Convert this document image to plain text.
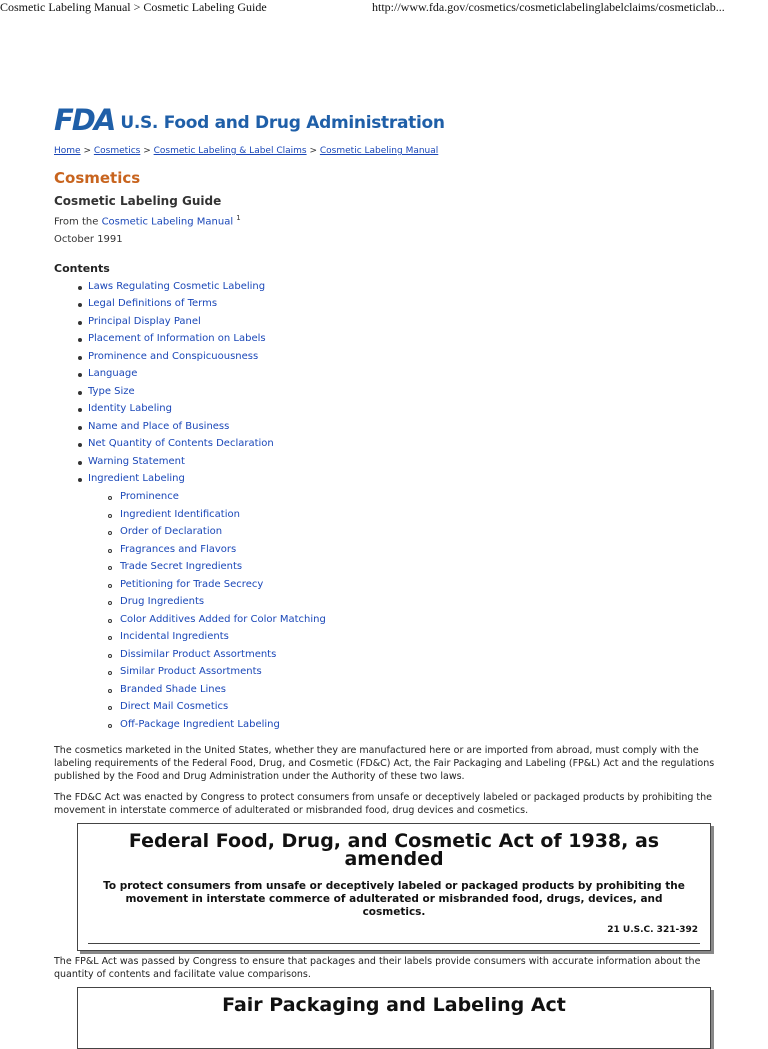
Cosmetic Labeling Manual > Cosmetic Labeling Guide	http://www.fda.gov/cosmetics/cosmeticlabelinglabelclaims/cosmeticlab...
FDA U.S. Food and Drug Administration
Home > Cosmetics > Cosmetic Labeling & Label Claims > Cosmetic Labeling Manual
Cosmetics
Cosmetic Labeling Guide
From the Cosmetic Labeling Manual $^1$
October 1991
Contents
Laws Regulating Cosmetic Labeling
Legal Definitions of Terms
Principal Display Panel
Placement of Information on Labels
Prominence and Conspicuousness
Language
Type Size
Identity Labeling
Name and Place of Business
Net Quantity of Contents Declaration
Warning Statement
Ingredient Labeling
Prominence
Ingredient Identification
Order of Declaration
Fragrances and Flavors
Trade Secret Ingredients
Petitioning for Trade Secrecy
Drug Ingredients
Color Additives Added for Color Matching
Incidental Ingredients
Dissimilar Product Assortments
Similar Product Assortments
Branded Shade Lines
Direct Mail Cosmetics
Off-Package Ingredient Labeling
The cosmetics marketed in the United States, whether they are manufactured here or are imported from abroad, must comply with the labeling requirements of the Federal Food, Drug, and Cosmetic (FD&C) Act, the Fair Packaging and Labeling (FP&L) Act and the regulations published by the Food and Drug Administration under the Authority of these two laws.
The FD&C Act was enacted by Congress to protect consumers from unsafe or deceptively labeled or packaged products by prohibiting the movement in interstate commerce of adulterated or misbranded food, drug devices and cosmetics.
Federal Food, Drug, and Cosmetic Act of 1938, as amended
To protect consumers from unsafe or deceptively labeled or packaged products by prohibiting the movement in interstate commerce of adulterated or misbranded food, drugs, devices, and cosmetics.
21 U.S.C. 321-392
The FP&L Act was passed by Congress to ensure that packages and their labels provide consumers with accurate information about the quantity of contents and facilitate value comparisons.
Fair Packaging and Labeling Act
